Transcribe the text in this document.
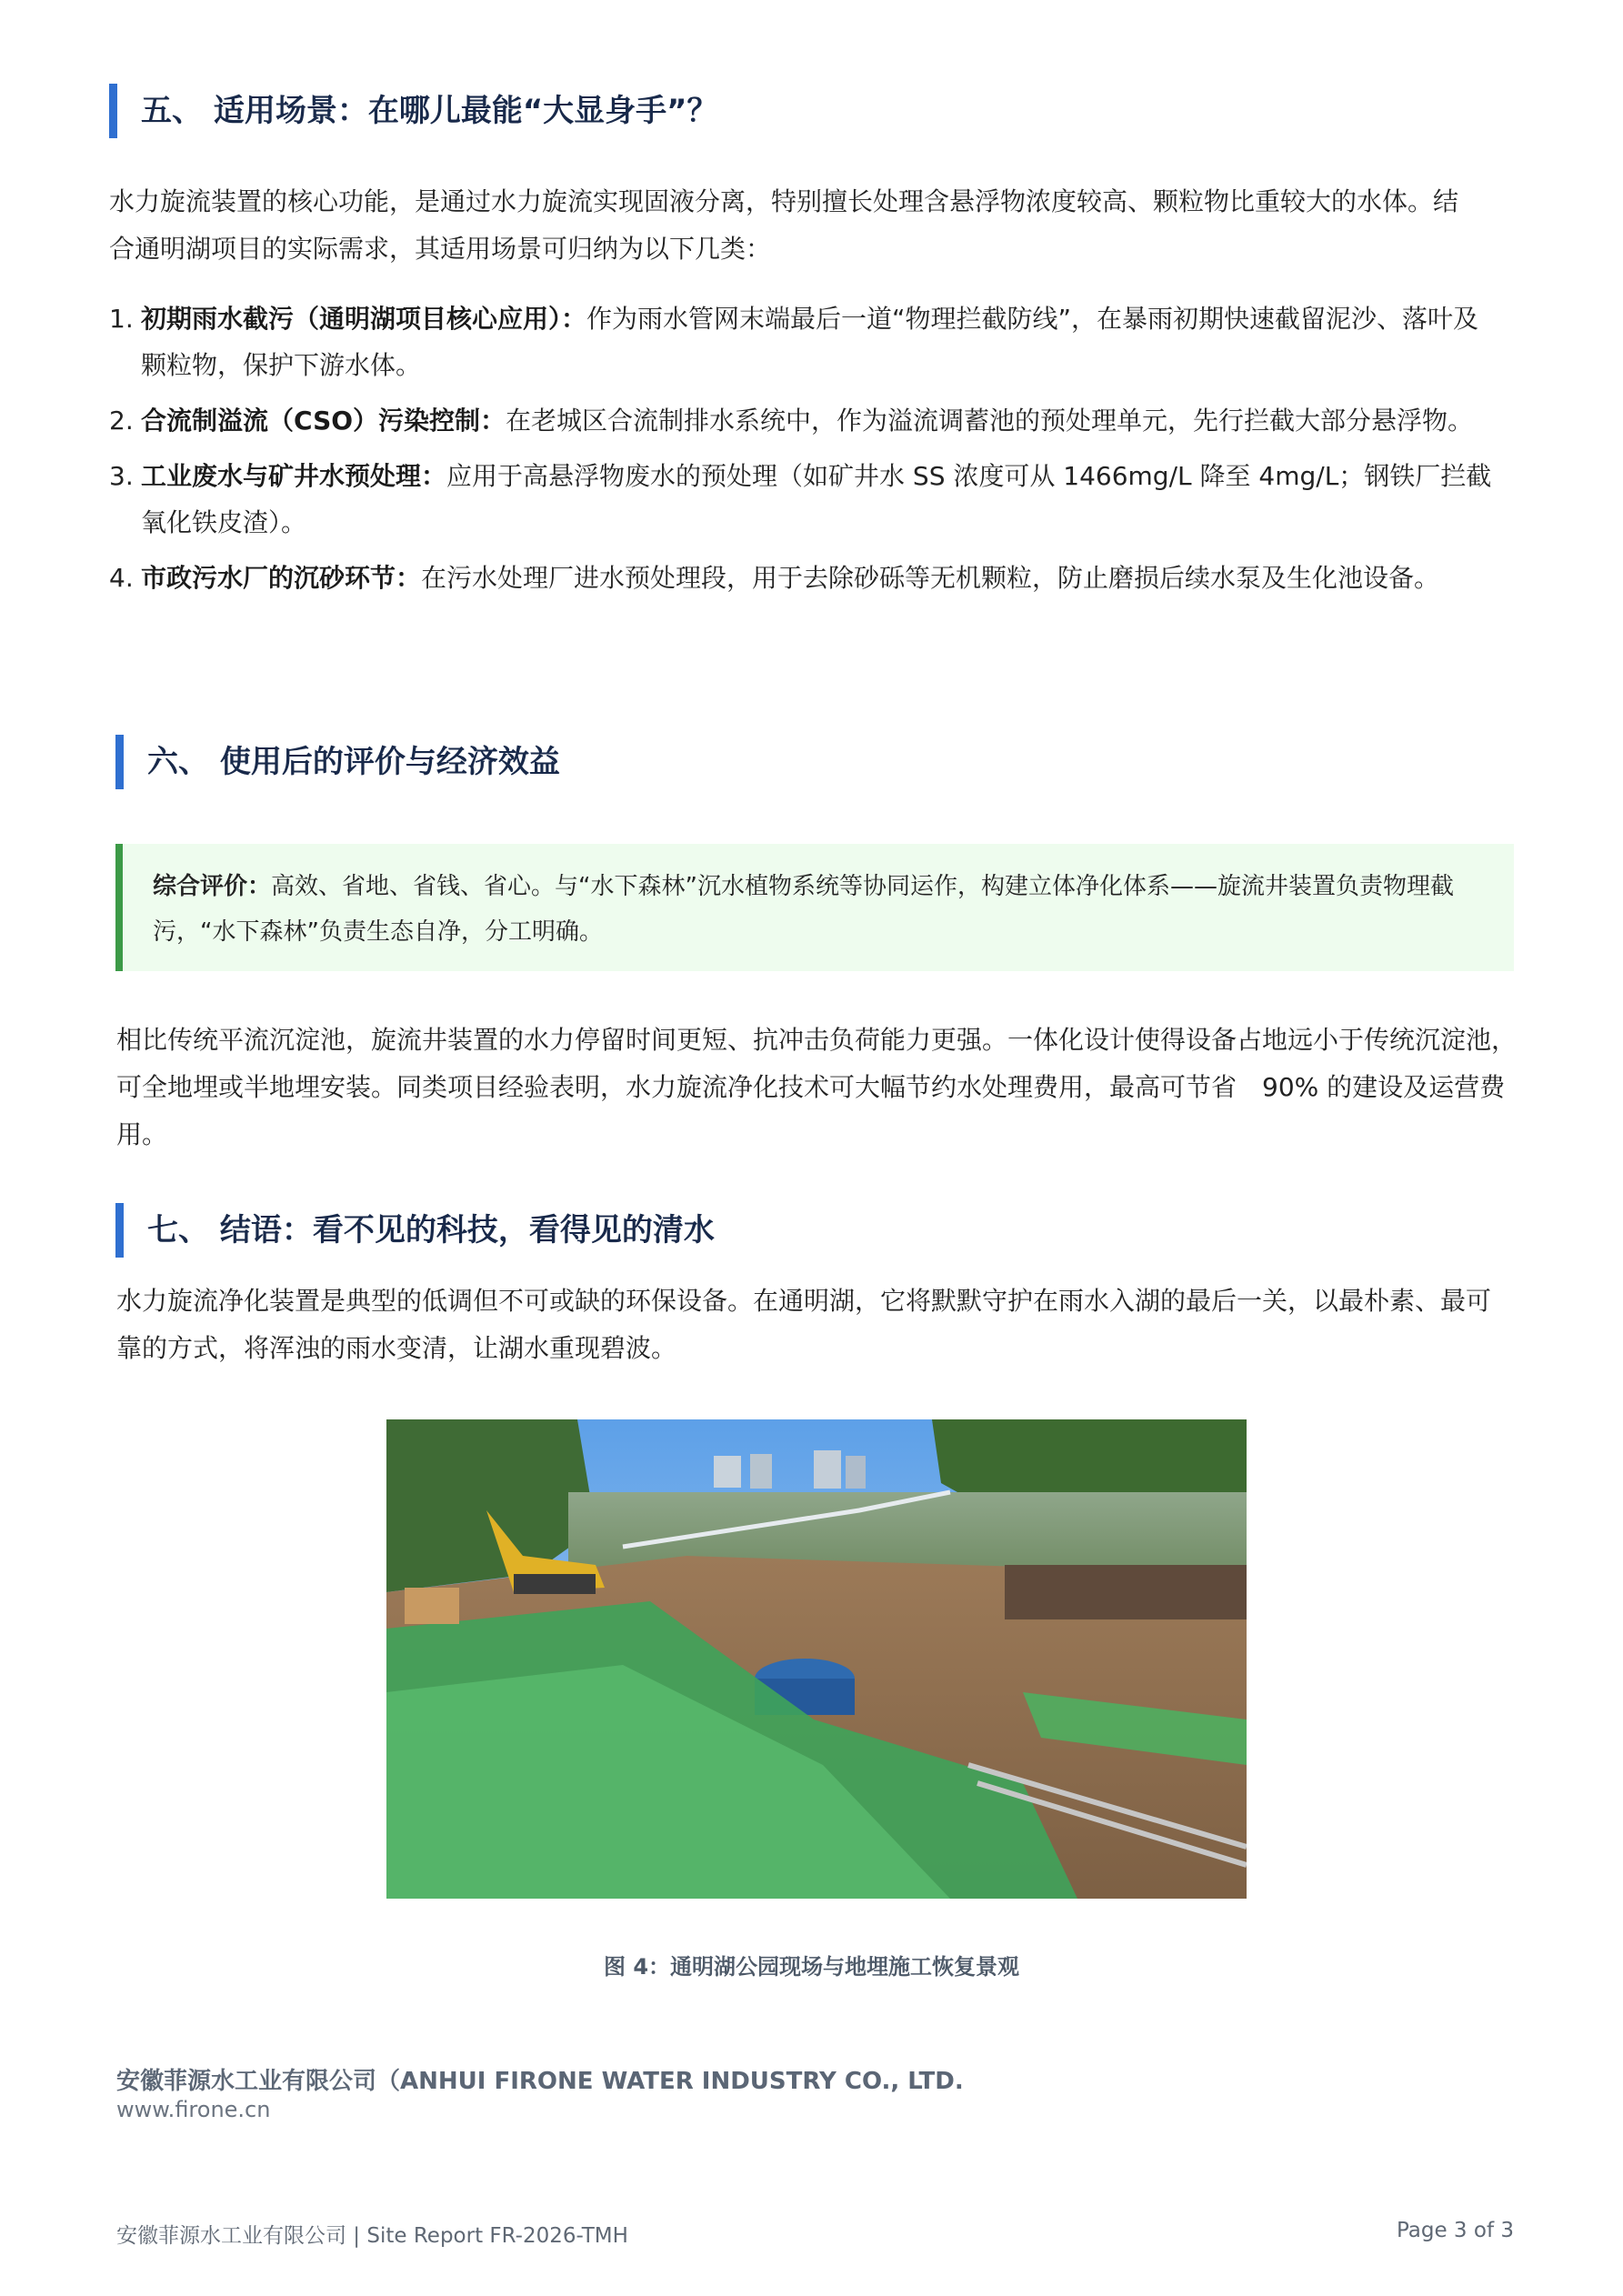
五、 适用场景：在哪儿最能“大显身手”？
水力旋流装置的核心功能，是通过水力旋流实现固液分离，特别擅长处理含悬浮物浓度较高、颗粒物比重较大的水体。结合通明湖项目的实际需求，其适用场景可归纳为以下几类：
1. 初期雨水截污（通明湖项目核心应用）：作为雨水管网末端最后一道“物理拦截防线”，在暴雨初期快速截留泥沙、落叶及颗粒物，保护下游水体。
2. 合流制溢流（CSO）污染控制：在老城区合流制排水系统中，作为溢流调蓄池的预处理单元，先行拦截大部分悬浮物。
3. 工业废水与矿井水预处理：应用于高悬浮物废水的预处理（如矿井水 SS 浓度可从 1466mg/L 降至 4mg/L；钢铁厂拦截氧化铁皮渣）。
4. 市政污水厂的沉砂环节：在污水处理厂进水预处理段，用于去除砂砾等无机颗粒，防止磨损后续水泵及生化池设备。
六、 使用后的评价与经济效益
综合评价：高效、省地、省钱、省心。与“水下森林”沉水植物系统等协同运作，构建立体净化体系——旋流井装置负责物理截污，“水下森林”负责生态自净，分工明确。
相比传统平流沉淀池，旋流井装置的水力停留时间更短、抗冲击负荷能力更强。一体化设计使得设备占地远小于传统沉淀池，可全地埋或半地埋安装。同类项目经验表明，水力旋流净化技术可大幅节约水处理费用，最高可节省　90% 的建设及运营费用。
七、 结语：看不见的科技，看得见的清水
水力旋流净化装置是典型的低调但不可或缺的环保设备。在通明湖，它将默默守护在雨水入湖的最后一关，以最朴素、最可靠的方式，将浑浊的雨水变清，让湖水重现碧波。
图 4：通明湖公园现场与地埋施工恢复景观
安徽菲源水工业有限公司（ANHUI FIRONE WATER INDUSTRY CO., LTD.
www.firone.cn
安徽菲源水工业有限公司 | Site Report FR-2026-TMH	Page 3 of 3
